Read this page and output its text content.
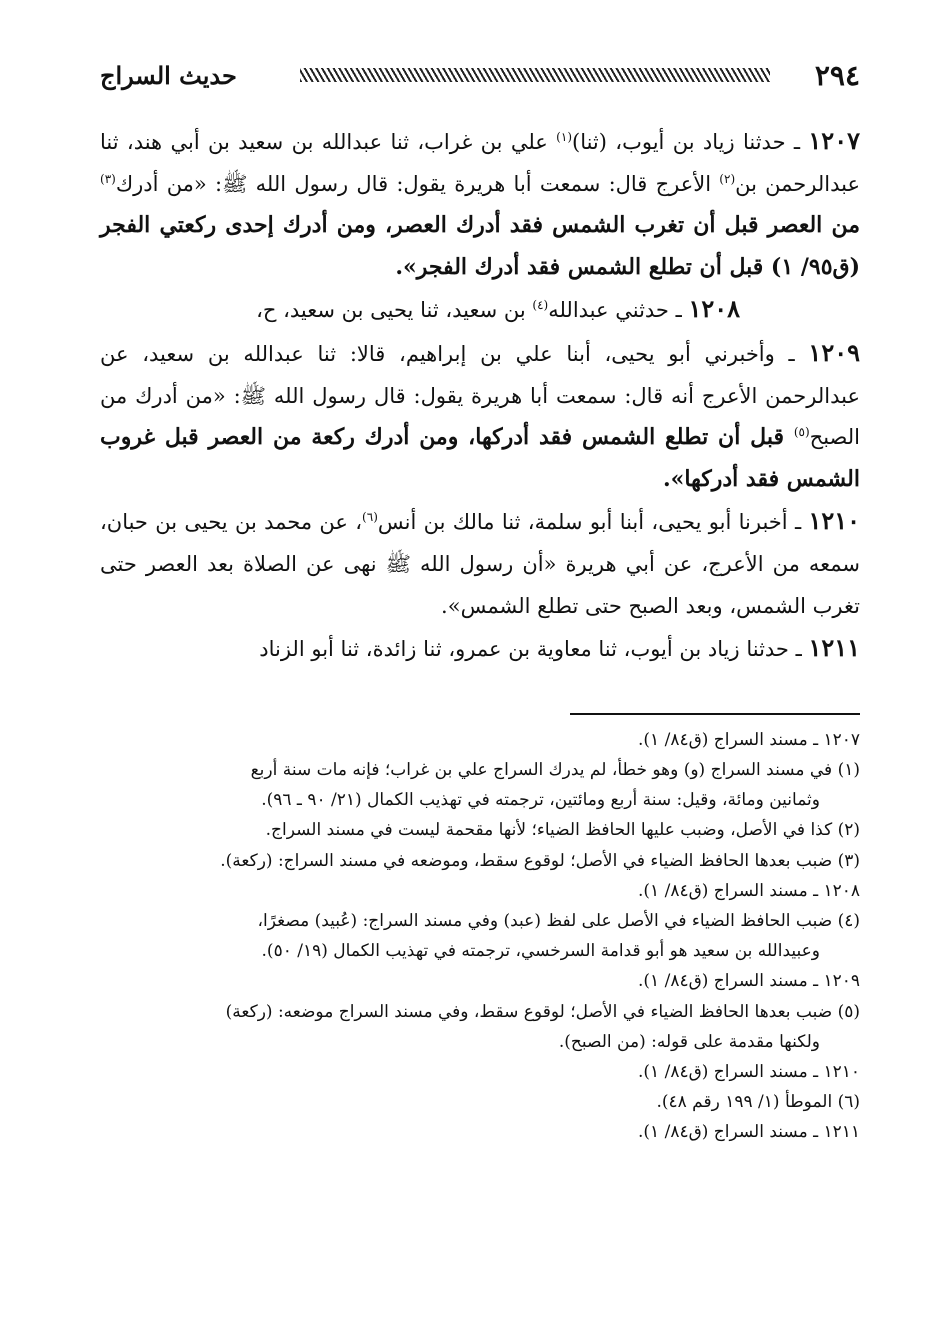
٢٩٤
حديث السراج

١٢٠٧ ـ حدثنا زياد بن أيوب، (ثنا)$^{(١)}$ علي بن غراب، ثنا عبدالله بن سعيد بن أبي هند، ثنا عبدالرحمن بن$^{(٢)}$ الأعرج قال: سمعت أبا هريرة يقول: قال رسول الله ﷺ: «من أدرك$^{(٣)}$ من العصر قبل أن تغرب الشمس فقد أدرك العصر، ومن أدرك إحدى ركعتي الفجر (ق٩٥/ ١) قبل أن تطلع الشمس فقد أدرك الفجر».

١٢٠٨ ـ حدثني عبدالله$^{(٤)}$ بن سعيد، ثنا يحيى بن سعيد، ح،

١٢٠٩ ـ وأخبرني أبو يحيى، أبنا علي بن إبراهيم، قالا: ثنا عبدالله بن سعيد، عن عبدالرحمن الأعرج أنه قال: سمعت أبا هريرة يقول: قال رسول الله ﷺ: «من أدرك من الصبح$^{(٥)}$ قبل أن تطلع الشمس فقد أدركها، ومن أدرك ركعة من العصر قبل غروب الشمس فقد أدركها».

١٢١٠ ـ أخبرنا أبو يحيى، أبنا أبو سلمة، ثنا مالك بن أنس$^{(٦)}$، عن محمد بن يحيى بن حبان، سمعه من الأعرج، عن أبي هريرة «أن رسول الله ﷺ نهى عن الصلاة بعد العصر حتى تغرب الشمس، وبعد الصبح حتى تطلع الشمس».

١٢١١ ـ حدثنا زياد بن أيوب، ثنا معاوية بن عمرو، ثنا زائدة، ثنا أبو الزناد

١٢٠٧ ـ مسند السراج (ق٨٤/ ١).

(١) في مسند السراج (و) وهو خطأ، لم يدرك السراج علي بن غراب؛ فإنه مات سنة أربع

وثمانين ومائة، وقيل: سنة أربع ومائتين، ترجمته في تهذيب الكمال (٢١/ ٩٠ ـ ٩٦).

(٢) كذا في الأصل، وضبب عليها الحافظ الضياء؛ لأنها مقحمة ليست في مسند السراج.

(٣) ضبب بعدها الحافظ الضياء في الأصل؛ لوقوع سقط، وموضعه في مسند السراج: (ركعة).

١٢٠٨ ـ مسند السراج (ق٨٤/ ١).

(٤) ضبب الحافظ الضياء في الأصل على لفظ (عبد) وفي مسند السراج: (عُبيد) مصغرًا،

وعبيدالله بن سعيد هو أبو قدامة السرخسي، ترجمته في تهذيب الكمال (١٩/ ٥٠).

١٢٠٩ ـ مسند السراج (ق٨٤/ ١).

(٥) ضبب بعدها الحافظ الضياء في الأصل؛ لوقوع سقط، وفي مسند السراج موضعه: (ركعة)

ولكنها مقدمة على قوله: (من الصبح).

١٢١٠ ـ مسند السراج (ق٨٤/ ١).

(٦) الموطأ (١/ ١٩٩ رقم ٤٨).

١٢١١ ـ مسند السراج (ق٨٤/ ١).
